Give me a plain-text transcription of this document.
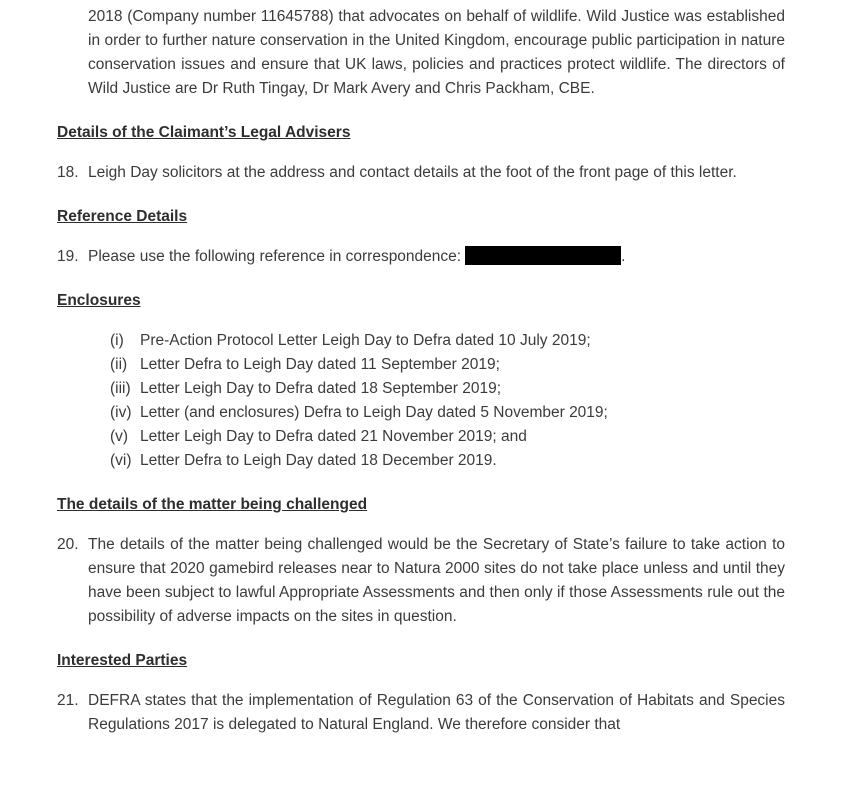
2018 (Company number 11645788) that advocates on behalf of wildlife. Wild Justice was established in order to further nature conservation in the United Kingdom, encourage public participation in nature conservation issues and ensure that UK laws, policies and practices protect wildlife. The directors of Wild Justice are Dr Ruth Tingay, Dr Mark Avery and Chris Packham, CBE.

Details of the Claimant’s Legal Advisers
18. Leigh Day solicitors at the address and contact details at the foot of the front page of this letter.
Reference Details
19. Please use the following reference in correspondence:	.
Enclosures
(i)	Pre-Action Protocol Letter Leigh Day to Defra dated 10 July 2019;
(ii) Letter Defra to Leigh Day dated 11 September 2019;
(iii) Letter Leigh Day to Defra dated 18 September 2019;
(iv) Letter (and enclosures) Defra to Leigh Day dated 5 November 2019;
(v) Letter Leigh Day to Defra dated 21 November 2019; and
(vi) Letter Defra to Leigh Day dated 18 December 2019.
The details of the matter being challenged
20. The details of the matter being challenged would be the Secretary of State’s failure to take action to ensure that 2020 gamebird releases near to Natura 2000 sites do not take place unless and until they have been subject to lawful Appropriate Assessments and then only if those Assessments rule out the possibility of adverse impacts on the sites in question.
Interested Parties
21. DEFRA states that the implementation of Regulation 63 of the Conservation of Habitats and Species Regulations 2017 is delegated to Natural England. We therefore consider that
